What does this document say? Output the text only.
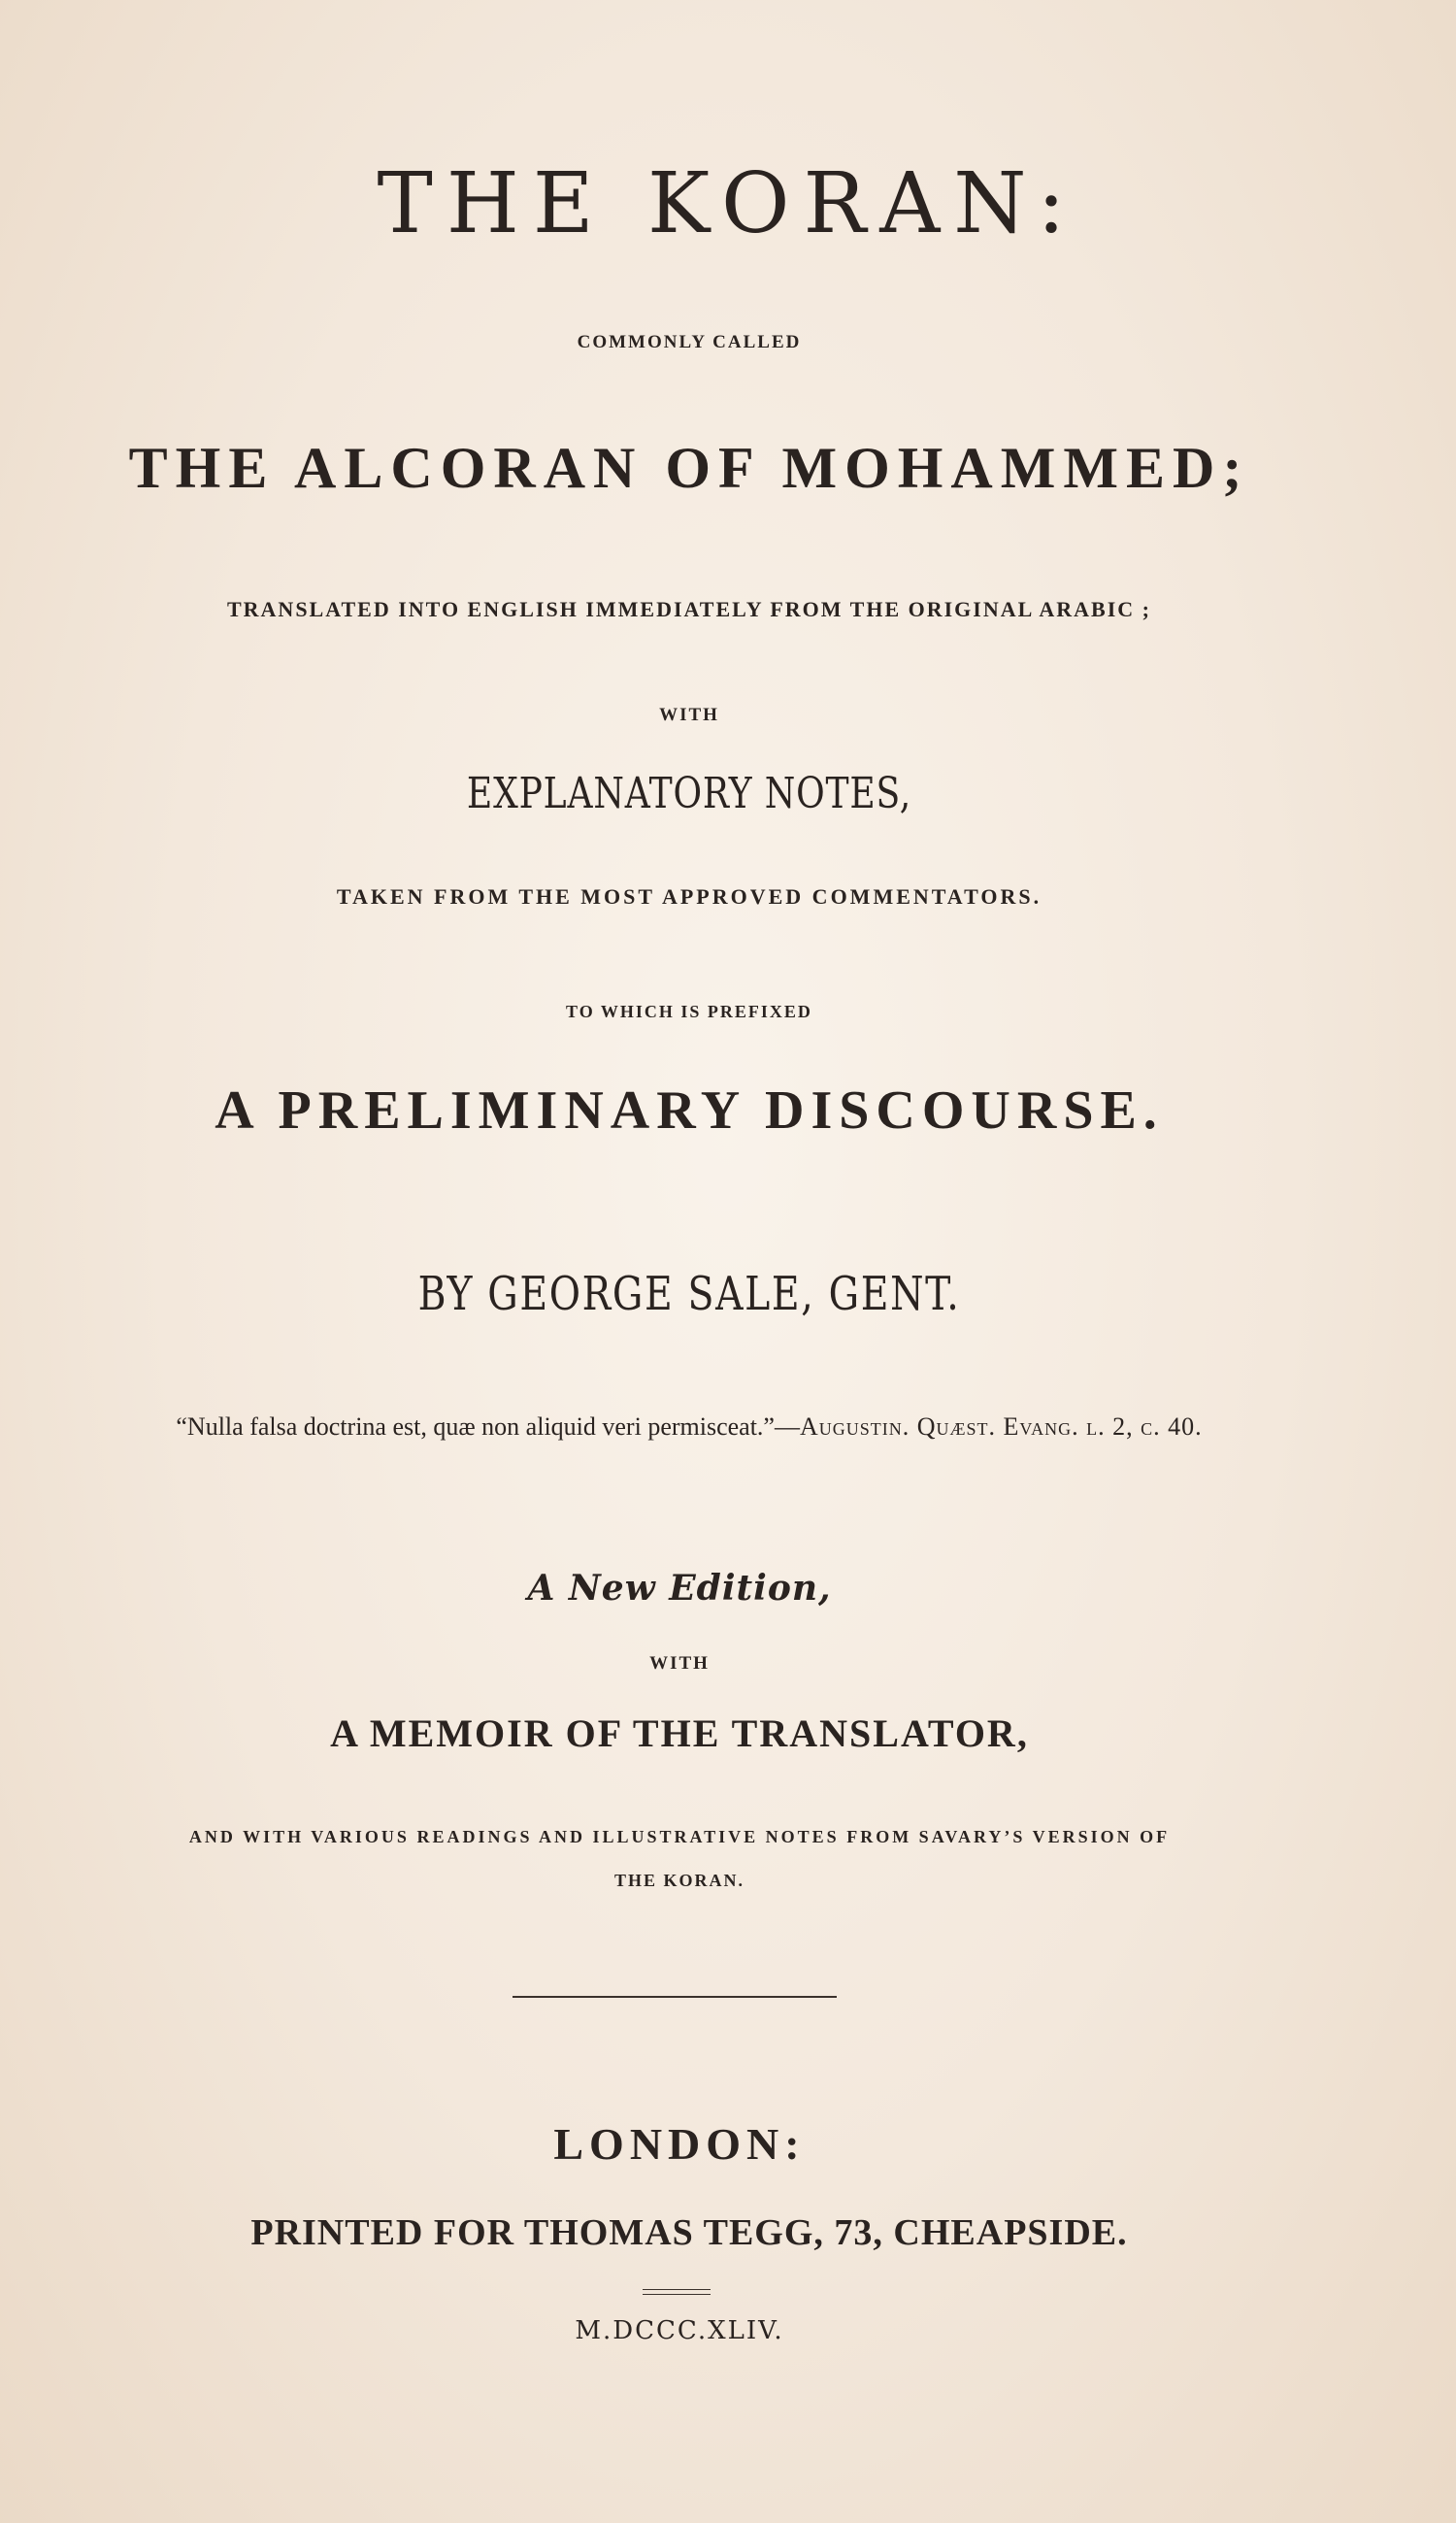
THE KORAN:
COMMONLY CALLED
THE ALCORAN OF MOHAMMED;
TRANSLATED INTO ENGLISH IMMEDIATELY FROM THE ORIGINAL ARABIC ;
WITH
EXPLANATORY NOTES,
TAKEN FROM THE MOST APPROVED COMMENTATORS.
TO WHICH IS PREFIXED
A PRELIMINARY DISCOURSE.
BY GEORGE SALE, GENT.
“Nulla falsa doctrina est, quæ non aliquid veri permisceat.”—Augustin. Quæst. Evang. l. 2, c. 40.
A New Edition,
WITH
A MEMOIR OF THE TRANSLATOR,
AND WITH VARIOUS READINGS AND ILLUSTRATIVE NOTES FROM SAVARY’S VERSION OF
THE KORAN.
LONDON:
PRINTED FOR THOMAS TEGG, 73, CHEAPSIDE.
M.DCCC.XLIV.
